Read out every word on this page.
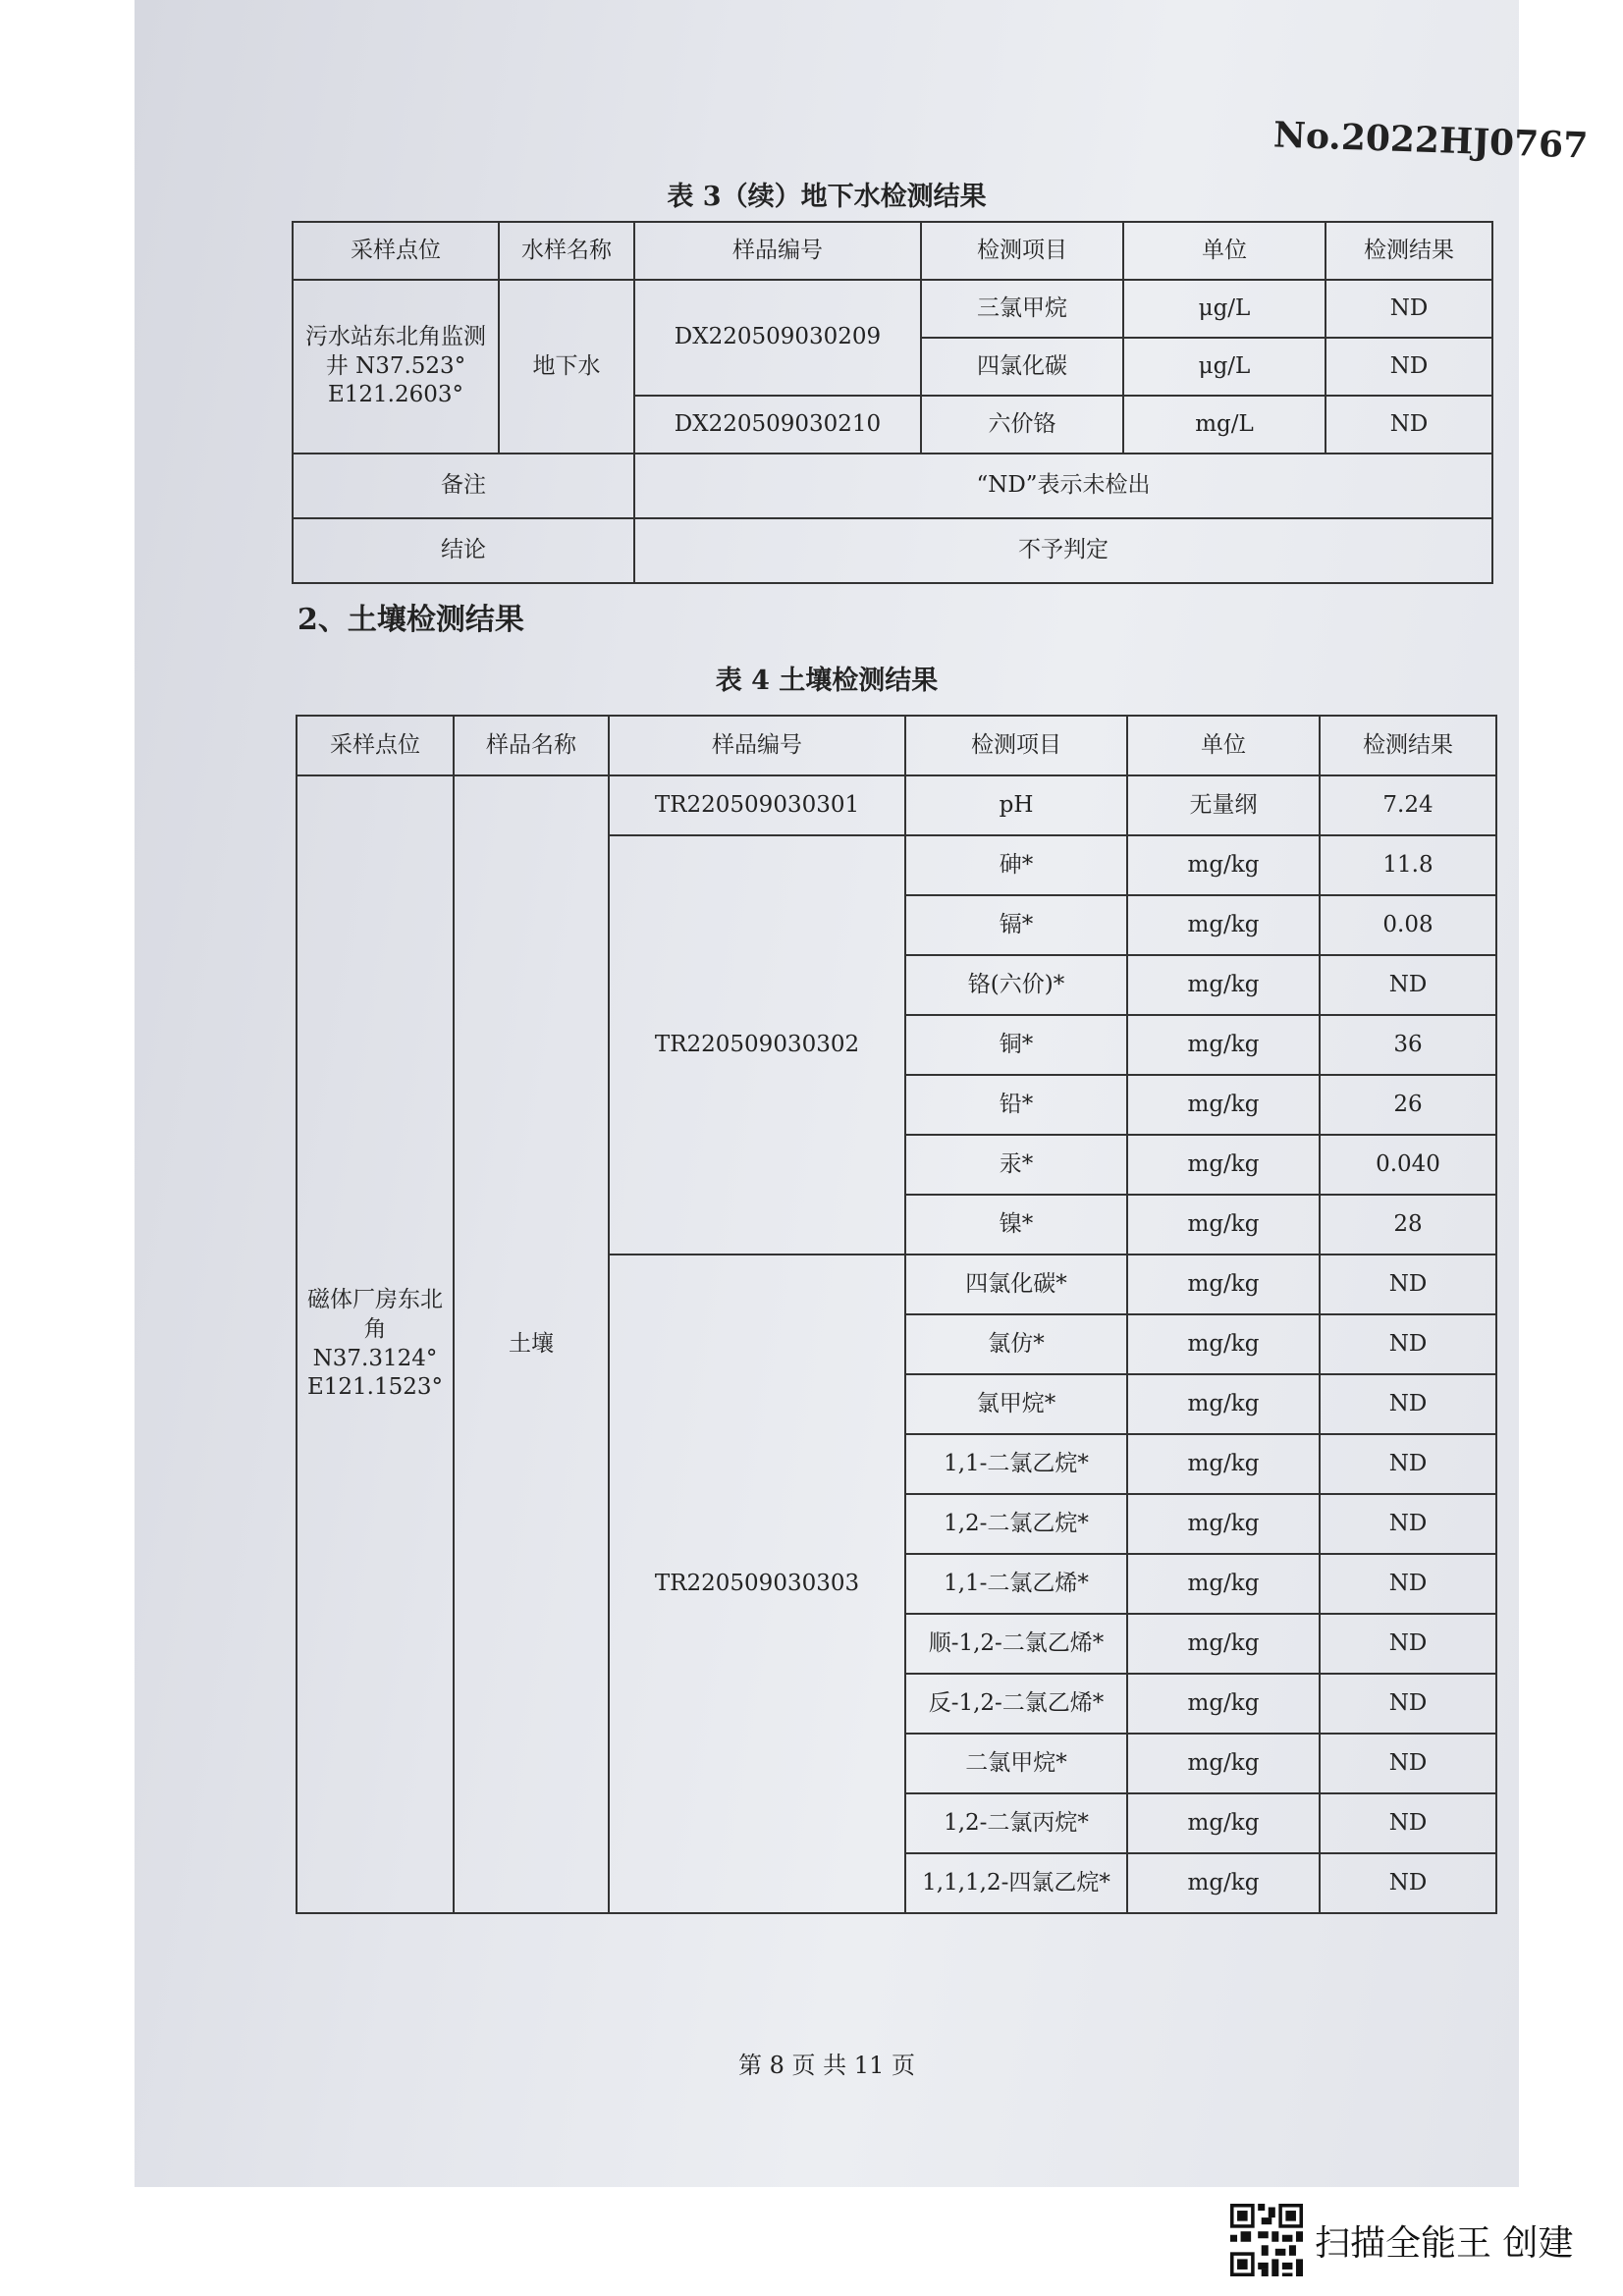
No.2022HJ0767
表 3（续）地下水检测结果
采样点位	水样名称	样品编号	检测项目	单位	检测结果
污水站东北角监测井 N37.523° E121.2603°	地下水	DX220509030209	三氯甲烷	μg/L	ND
			四氯化碳	μg/L	ND
		DX220509030210	六价铬	mg/L	ND
备注		“ND”表示未检出			
结论		不予判定			
2、土壤检测结果
表 4 土壤检测结果
采样点位	样品名称	样品编号	检测项目	单位	检测结果
磁体厂房东北角 N37.3124° E121.1523°	土壤	TR220509030301	pH	无量纲	7.24
		TR220509030302	砷*	mg/kg	11.8
			镉*	mg/kg	0.08
			铬(六价)*	mg/kg	ND
			铜*	mg/kg	36
			铅*	mg/kg	26
			汞*	mg/kg	0.040
			镍*	mg/kg	28
		TR220509030303	四氯化碳*	mg/kg	ND
			氯仿*	mg/kg	ND
			氯甲烷*	mg/kg	ND
			1,1-二氯乙烷*	mg/kg	ND
			1,2-二氯乙烷*	mg/kg	ND
			1,1-二氯乙烯*	mg/kg	ND
			顺-1,2-二氯乙烯*	mg/kg	ND
			反-1,2-二氯乙烯*	mg/kg	ND
			二氯甲烷*	mg/kg	ND
			1,2-二氯丙烷*	mg/kg	ND
			1,1,1,2-四氯乙烷*	mg/kg	ND
第 8 页 共 11 页
扫描全能王 创建
